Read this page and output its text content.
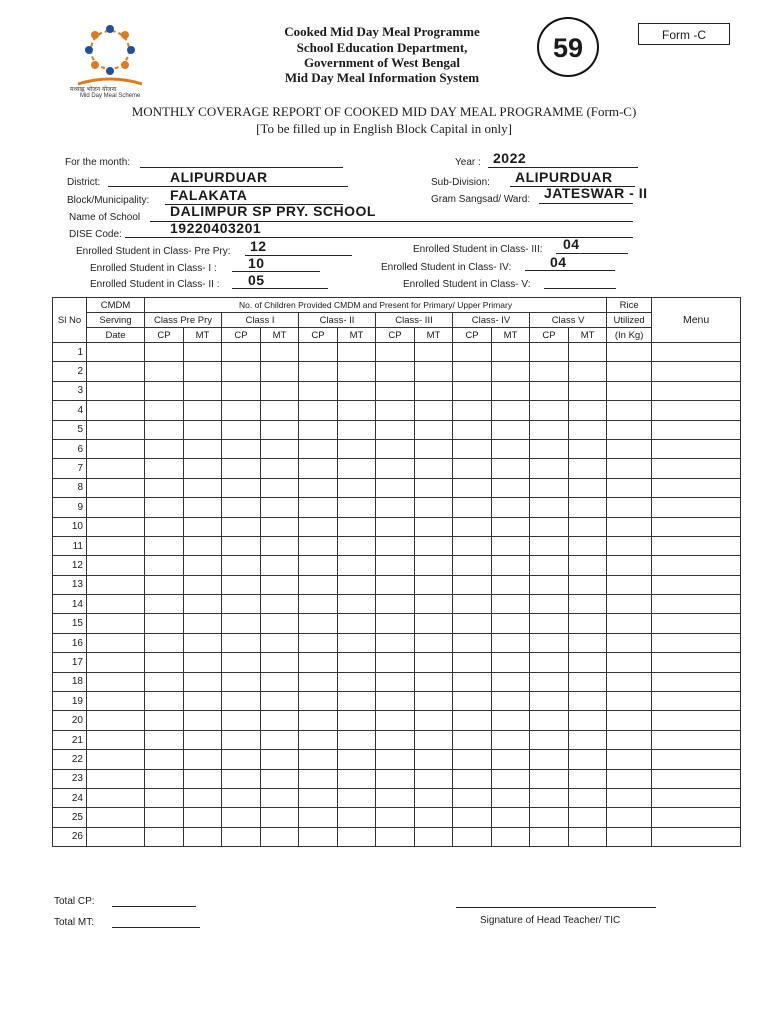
मध्याह्न भोजन योजना
Mid Day Meal Scheme
Cooked Mid Day Meal Programme
School Education Department,
Government of West Bengal
Mid Day Meal Information System
59	Form -C
MONTHLY COVERAGE REPORT OF COOKED MID DAY MEAL PROGRAMME (Form-C)
[To be filled up in English Block Capital in only]
For the month:	Year : 2022
District:	ALIPURDUAR	Sub-Division: ALIPURDUAR
Block/Municipality: FALAKATA	Gram Sangsad/ Ward: JATESWAR - II
Name of School DALIMPUR SP PRY. SCHOOL
DISE Code:	19220403201
Enrolled Student in Class- Pre Pry: 12	Enrolled Student in Class- III: 04
Enrolled Student in Class- I : 10	Enrolled Student in Class- IV:	04
Enrolled Student in Class- II : 05	Enrolled Student in Class- V:
Sl No	CMDM	No. of Children Provided CMDM and Present for Primary/ Upper Primary												Rice	Menu
	Serving	Class Pre Pry		Class I		Class- II		Class- III		Class- IV		Class V		Utilized	
	Date	CP	MT	CP	MT	CP	MT	CP	MT	CP	MT	CP	MT	(In Kg)	
1															
2															
3															
4															
5															
6															
7															
8															
9															
10															
11															
12															
13															
14															
15															
16															
17															
18															
19															
20															
21															
22															
23															
24															
25															
26															
Total CP:
Total MT:	Signature of Head Teacher/ TIC
